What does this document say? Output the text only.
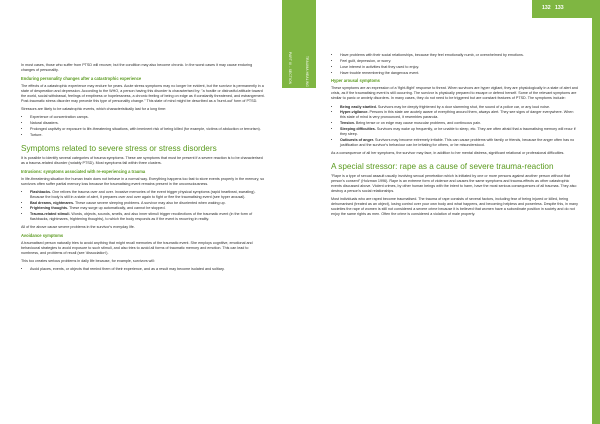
In most cases, those who suffer from PTSD will recover, but the condition may also become chronic. In the worst cases it may cause enduring changes of personality.

Enduring personality changes after a catastrophic experience

The effects of a catastrophic experience may endure for years. Acute stress symptoms may no longer be evident, but the survivor is permanently in a state of desperation and depression. According to the WHO, a person having this disorder is characterised by: "a hostile or distrustful attitude toward the world, social withdrawal, feelings of emptiness or hopelessness, a chronic feeling of being on edge as if constantly threatened, and estrangement. Post-traumatic stress disorder may precede this type of personality change." This state of mind might be described as a 'burnt-out' form of PTSD.

Stressors are likely to be catastrophic events, which characteristically last for a long time:

• Experience of concentration camps.
• Natural disasters.
• Prolonged captivity or exposure to life-threatening situations, with imminent risk of being killed (for example, victims of abduction or terrorism).
• Torture.
Symptoms related to severe stress or stress disorders

It is possible to identify several categories of trauma symptoms. These are symptoms that must be present if a severe reaction is to be characterised as a trauma-related disorder (notably PTSD). Most symptoms fall within three clusters.

Intrusions: symptoms associated with re-experiencing a trauma

In life-threatening situation the human brain does not behave in a normal way. Everything happens too fast to store events properly in the memory, so survivors often suffer partial memory loss because the traumatising event remains present in the unconsciousness.

• Flashbacks. One relives the trauma over and over. Invasive memories of the event trigger physical symptoms (rapid heartbeat, sweating). Because the body is still in a state of alert, it prepares over and over again to fight or flee the traumatising event (see hyper arousal).
• Bad dreams, nightmares. These cause severe sleeping problems. A survivor may also be disoriented when waking up.
• Frightening thoughts. These may surge up automatically, and cannot be stopped.
• Trauma-related stimuli. Words, objects, sounds, smells, and also inner stimuli trigger recollections of the traumatic event (in the form of flashbacks, nightmares, frightening thoughts), to which the body responds as if the event is recurring in reality.

All of the above cause severe problems in the survivor's everyday life.

Avoidance symptoms

A traumatised person naturally tries to avoid anything that might recall memories of the traumatic event. She employs cognitive, emotional and behavioural strategies to avoid exposure to such stimuli, and also tries to avoid all forms of traumatic memory and emotion. This can lead to numbness, and problems of recall (see 'dissociation').

This too creates serious problems in daily life because, for example, survivors will:

• Avoid places, events, or objects that remind them of their experience, and as a result may become isolated and solitary.
PART III - SECTION
•	Have problems with their social relationships, because they feel emotionally numb, or overwhelmed by emotions.
• Feel guilt, depression, or worry.
• Lose interest in activities that they used to enjoy.
• Have trouble remembering the dangerous event.
Hyper arousal symptoms

These symptoms are an expression of a 'fight-flight' response to threat. When survivors are hyper vigilant, they are physiologically in a state of alert and crisis, as if the traumatising event is still occurring. The survivor is physically prepared to escape or defend herself. Some of the relevant symptoms are similar to panic or anxiety disorders. In many cases, they do not need to be triggered but are constant features of PTSD. The symptoms include:

• Being easily startled. Survivors may be deeply frightened by a door slamming shut, the sound of a police car, or any loud noise.
• Hyper-vigilance. Persons in this state are acutely aware of everything around them, always alert. They see signs of danger everywhere. When this state of mind is very pronounced, it resembles paranoia.
• Tension. Being tense or on edge may cause muscular problems, and continuous pain.
• Sleeping difficulties. Survivors may wake up frequently, or be unable to sleep, etc. They are often afraid that a traumatising memory will recur if they sleep.
• Outbursts of anger. Survivors may become extremely irritable. This can cause problems with family or friends, because the anger often has no justification and the survivor's behaviour can be irritating for others, or be misunderstood.

As a consequence of all her symptoms, the survivor may face, in addition to her mental distress, significant relational or professional difficulties.

A special stressor: rape as a cause of severe trauma-reaction

"Rape is a type of sexual assault usually involving sexual penetration which is initiated by one or more persons against another person without that person's consent" (Holzman 1996). Rape is an extreme form of violence and causes the same symptoms and trauma-effects as other catastrophic events discussed above. Violent crimes, by other human beings with the intent to harm, have the most serious consequences of all traumas. They also destroy a person's social relationships.

Most individuals who are raped become traumatised. The trauma of rape consists of several factors, including fear of being injured or killed, being dehumanised (treated as an object), losing control over your own body and what happens, and becoming helpless and powerless. Despite this, in many societies the rape of women is still not considered a severe crime because it is believed that women have a subordinate position in society and do not enjoy the same rights as men. Often the crime is considered a violation of male property.

TRAUMA HEALING
132   133
